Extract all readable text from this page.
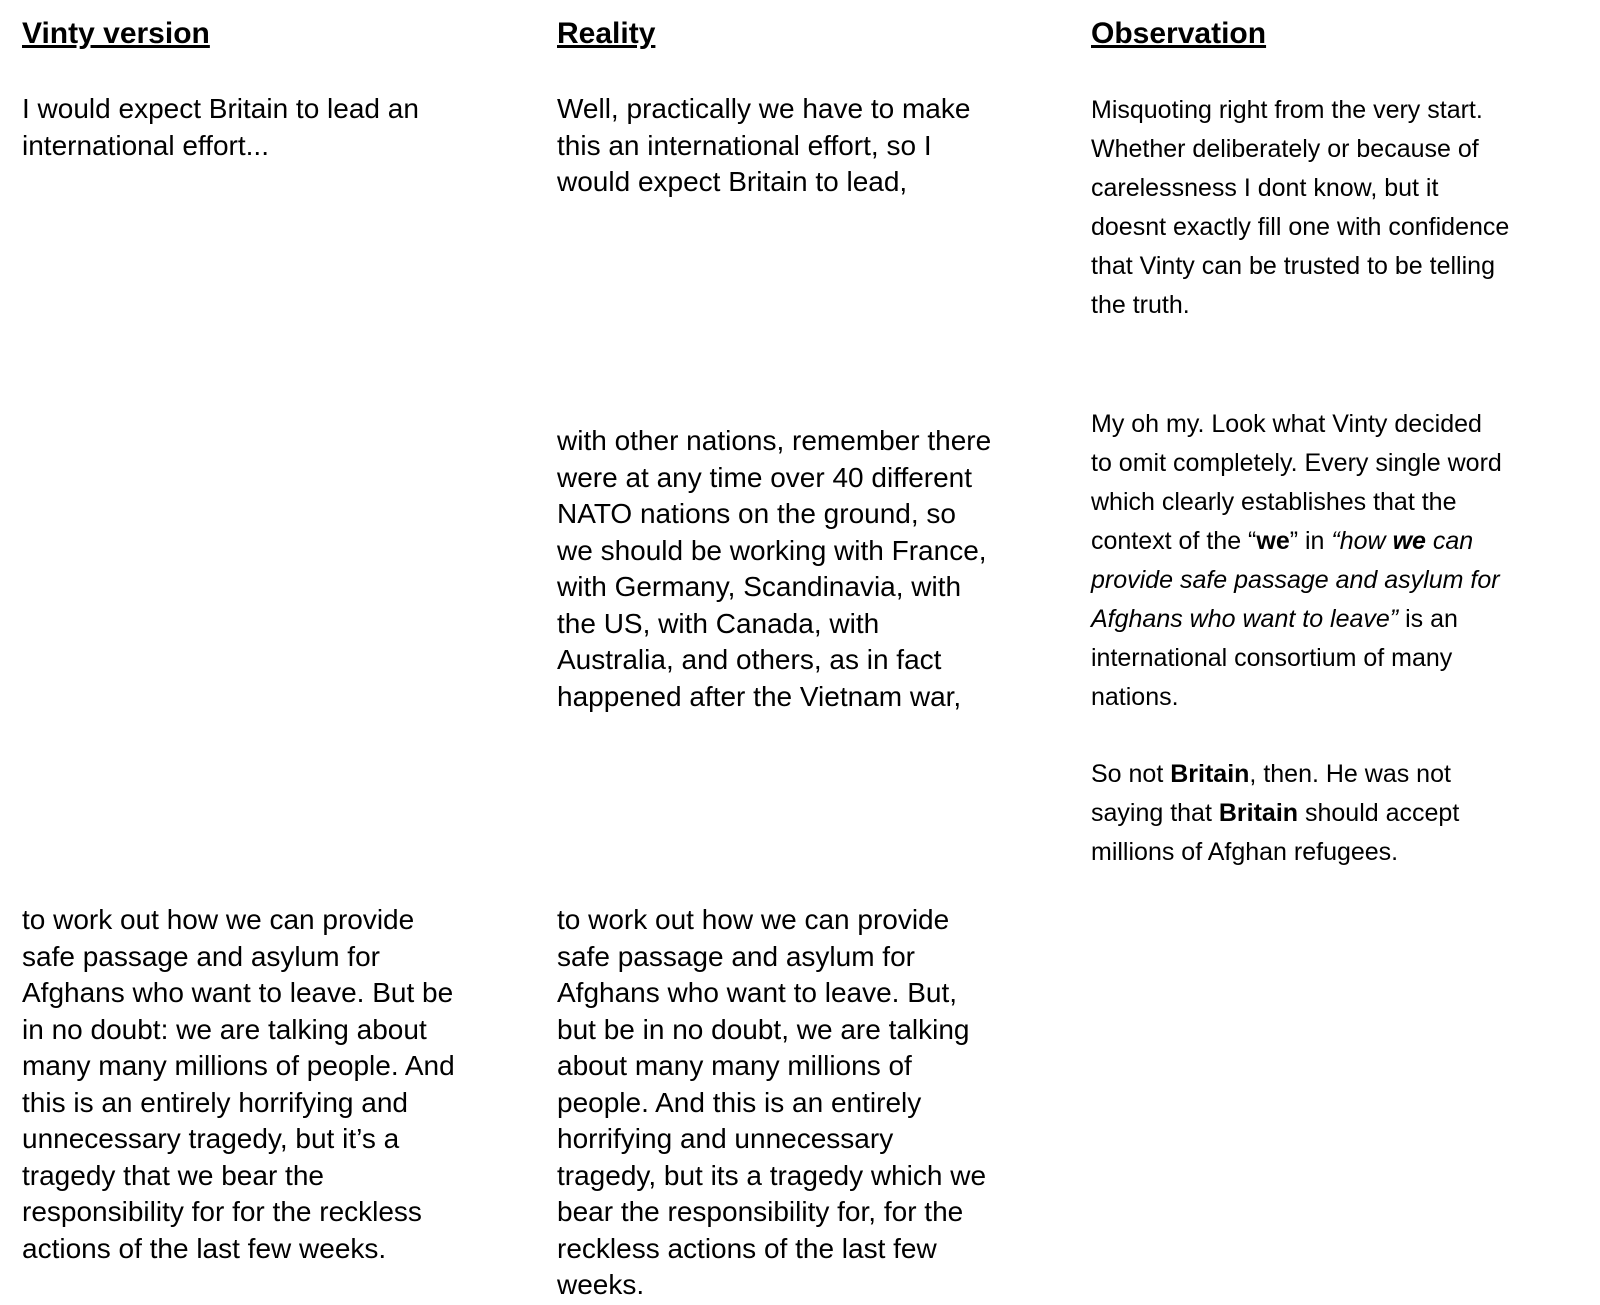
Vinty version	Reality	Observation
I would expect Britain to lead an
international effort...
to work out how we can provide
safe passage and asylum for
Afghans who want to leave. But be
in no doubt: we are talking about
many many millions of people. And
this is an entirely horrifying and
unnecessary tragedy, but it’s a
tragedy that we bear the
responsibility for for the reckless
actions of the last few weeks.
Well, practically we have to make
this an international effort, so I
would expect Britain to lead,
with other nations, remember there
were at any time over 40 different
NATO nations on the ground, so
we should be working with France,
with Germany, Scandinavia, with
the US, with Canada, with
Australia, and others, as in fact
happened after the Vietnam war,
to work out how we can provide
safe passage and asylum for
Afghans who want to leave. But,
but be in no doubt, we are talking
about many many millions of
people. And this is an entirely
horrifying and unnecessary
tragedy, but its a tragedy which we
bear the responsibility for, for the
reckless actions of the last few
weeks.
Misquoting right from the very start.
Whether deliberately or because of
carelessness I dont know, but it
doesnt exactly fill one with confidence
that Vinty can be trusted to be telling
the truth.
My oh my. Look what Vinty decided
to omit completely. Every single word
which clearly establishes that the
context of the “we” in “how we can
provide safe passage and asylum for
Afghans who want to leave” is an
international consortium of many
nations.
So not Britain, then. He was not
saying that Britain should accept
millions of Afghan refugees.
